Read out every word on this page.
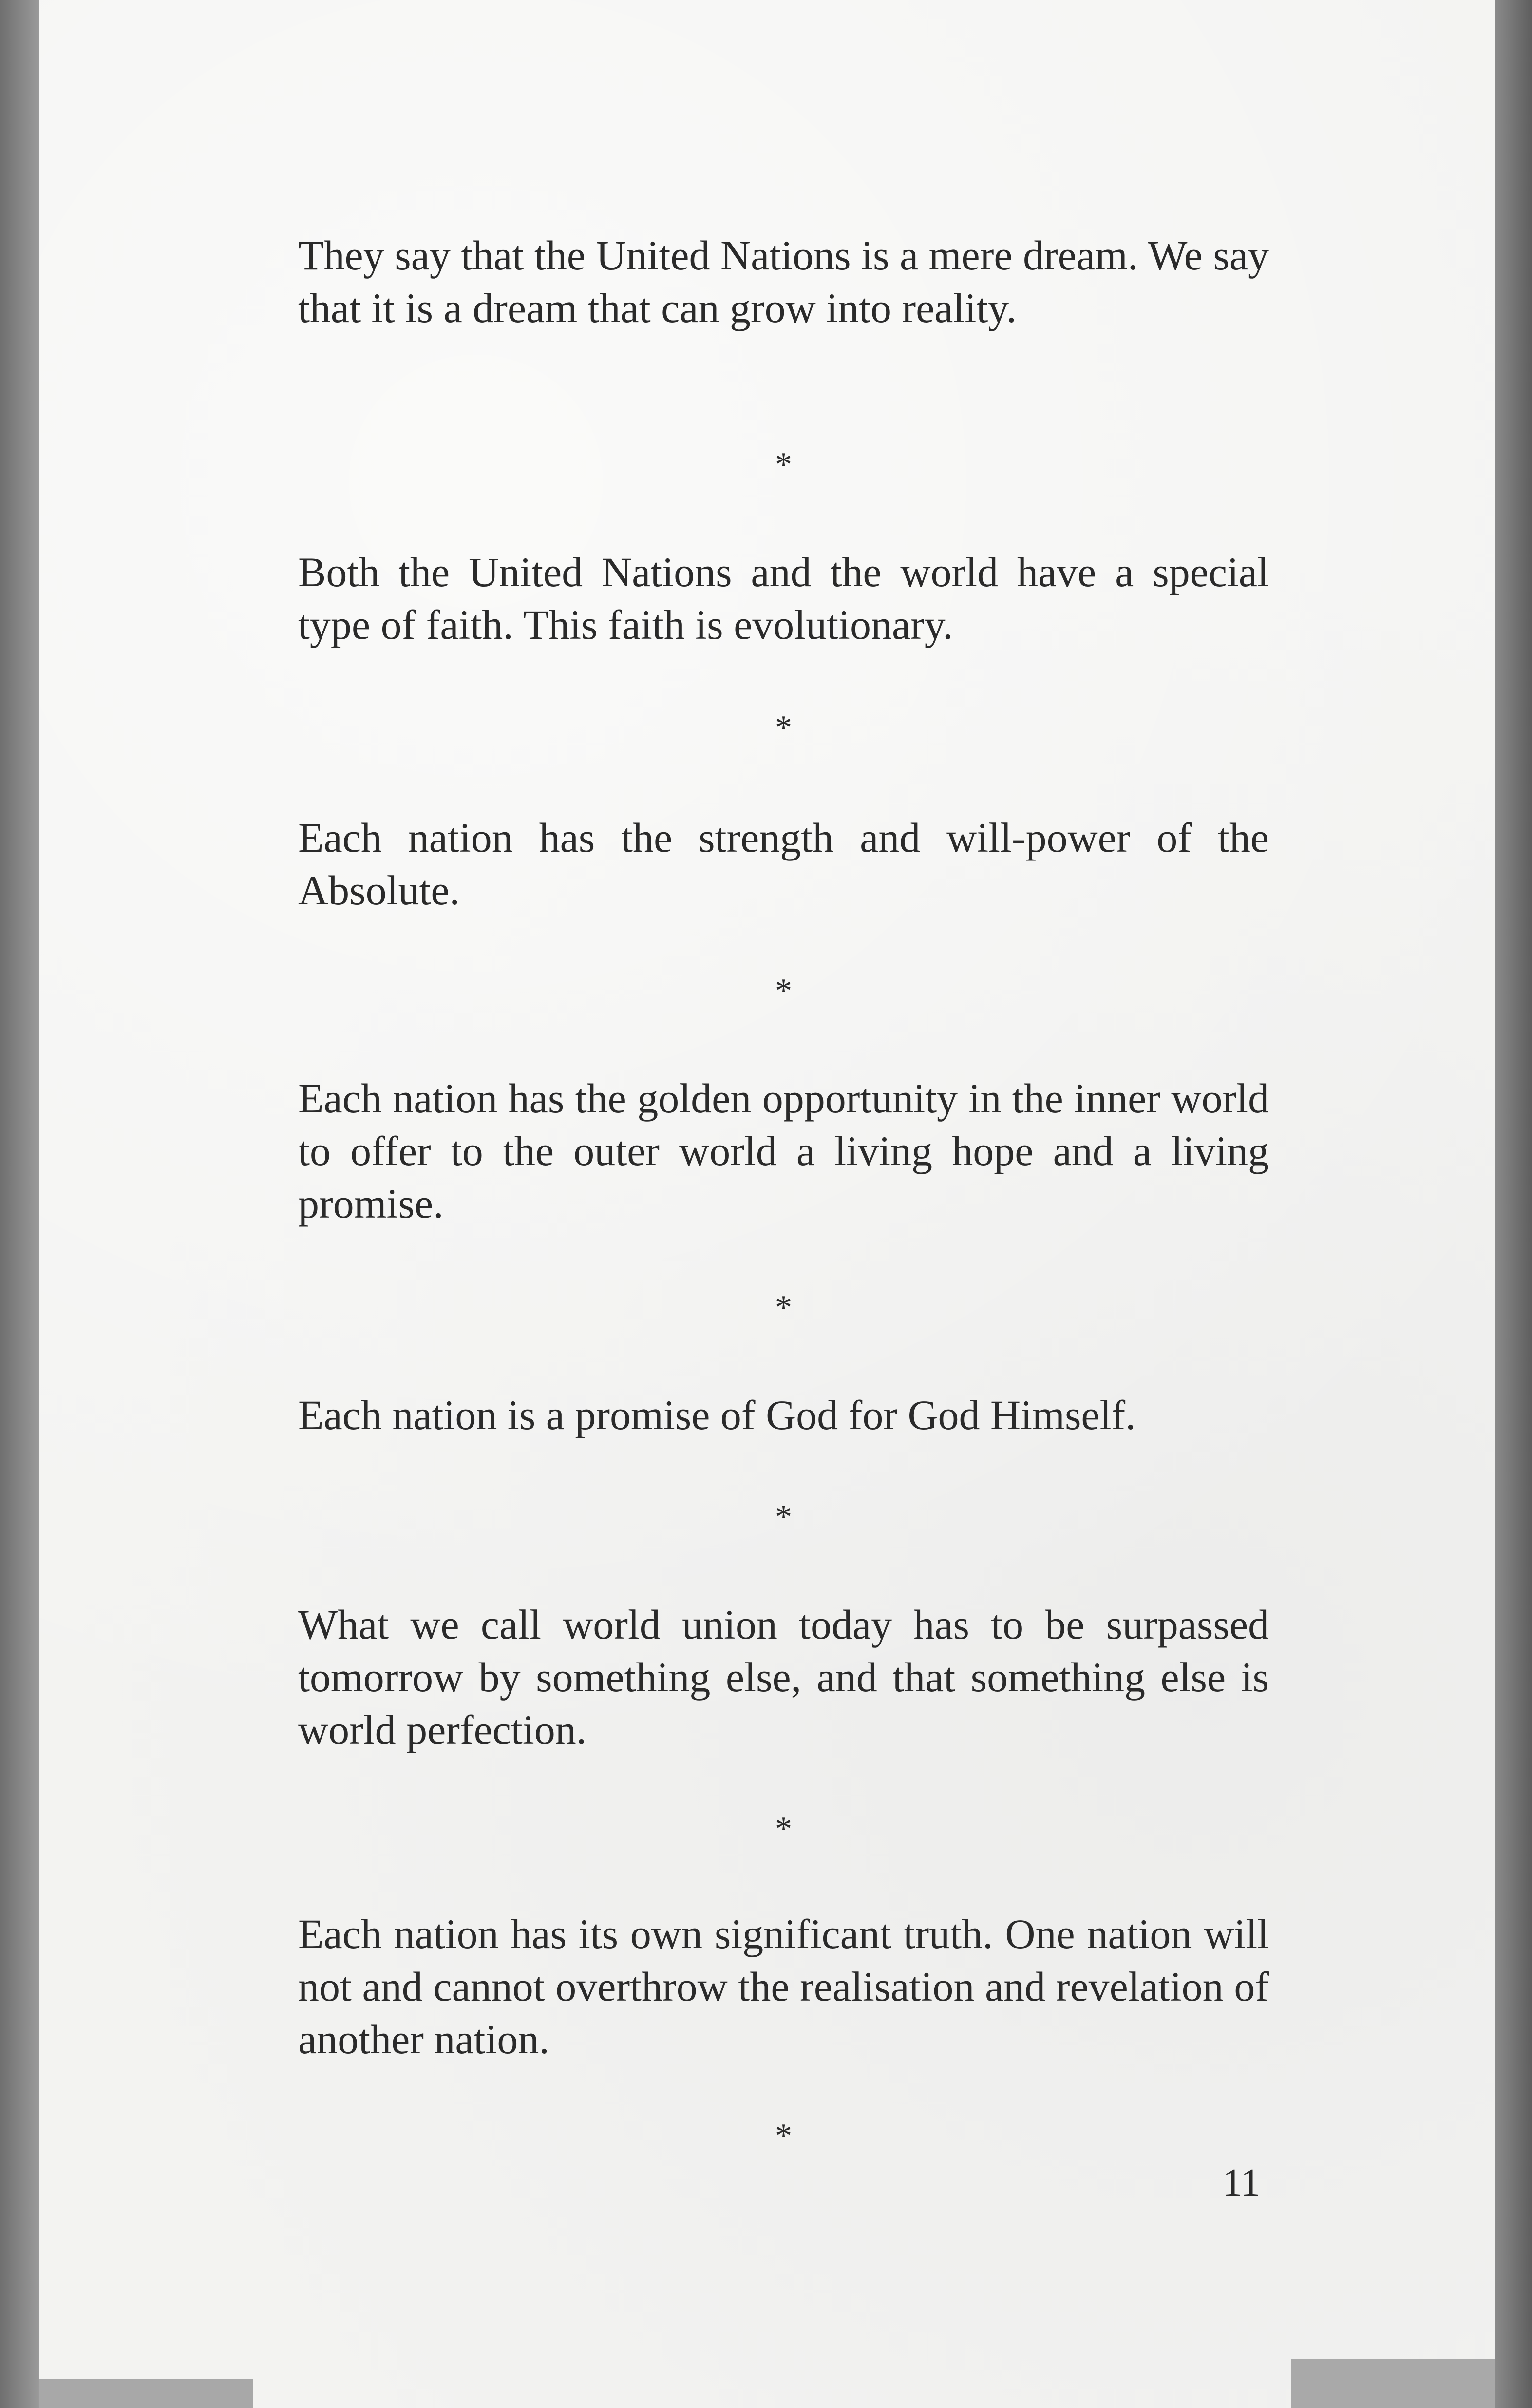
They say that the United Nations is a mere dream. We say that it is a dream that can grow into reality.

*

Both the United Nations and the world have a special type of faith. This faith is evolutionary.

*

Each nation has the strength and will-power of the Absolute.

*

Each nation has the golden opportunity in the inner world to offer to the outer world a living hope and a living promise.

*

Each nation is a promise of God for God Himself.

*

What we call world union today has to be surpassed tomorrow by something else, and that something else is world perfection.

*

Each nation has its own significant truth. One nation will not and cannot overthrow the realisation and revelation of another nation.

*

11
